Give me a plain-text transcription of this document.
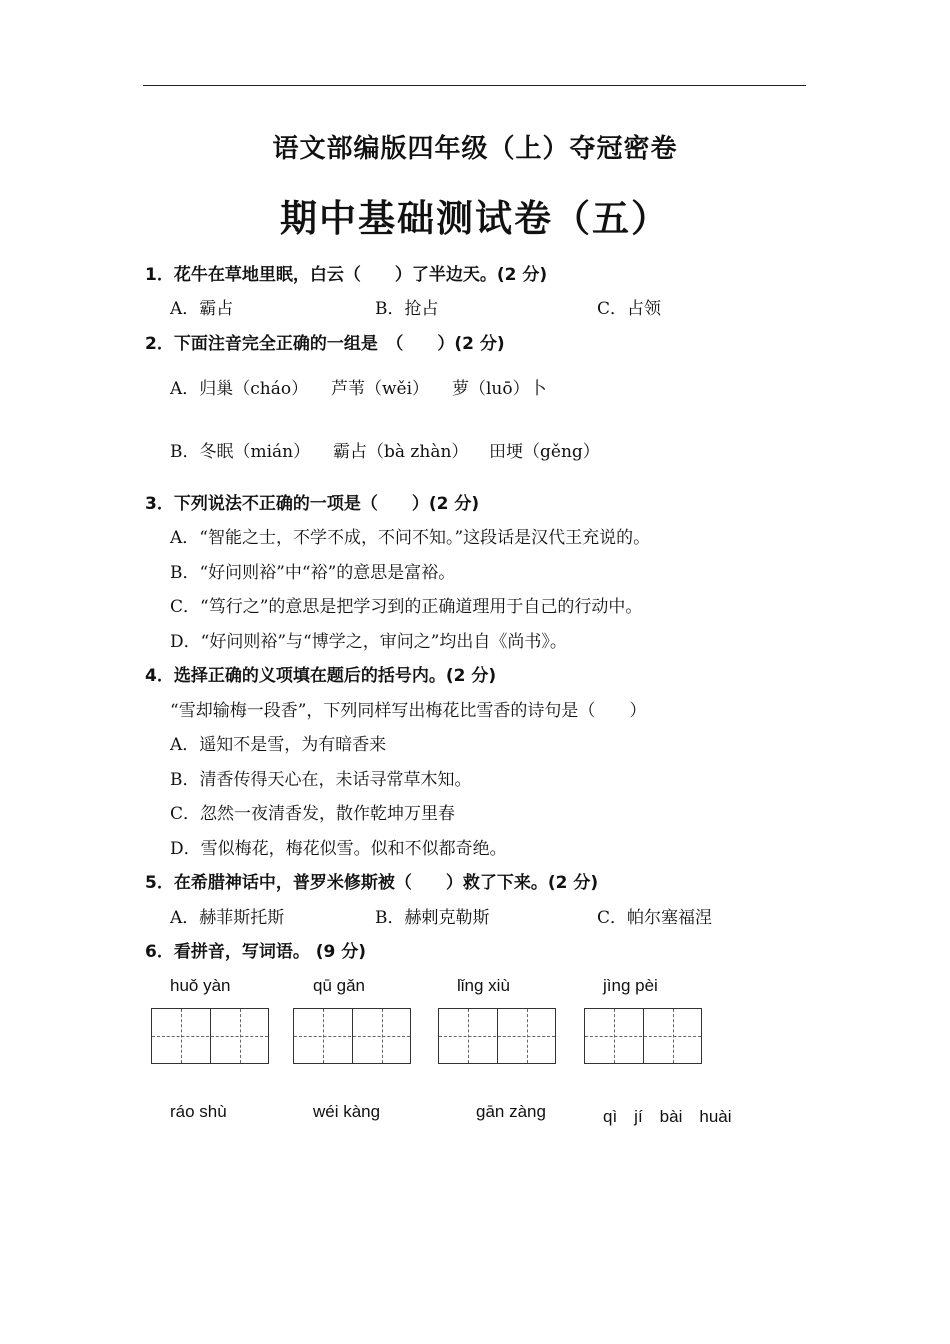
语文部编版四年级（上）夺冠密卷
期中基础测试卷（五）
1．花牛在草地里眠，白云（　　）了半边天。(2 分)
A．霸占	B．抢占	C．占领
2．下面注音完全正确的一组是　（　　）(2 分)
A．归巢（cháo） 芦苇（wěi） 萝（luō）卜
B．冬眠（mián） 霸占（bà zhàn） 田埂（gěng）
3．下列说法不正确的一项是（　　）(2 分)
A．“智能之士，不学不成，不问不知。”这段话是汉代王充说的。
B．“好问则裕”中“裕”的意思是富裕。
C．“笃行之”的意思是把学习到的正确道理用于自己的行动中。
D．“好问则裕”与“博学之，审问之”均出自《尚书》。
4．选择正确的义项填在题后的括号内。(2 分)
“雪却输梅一段香”，下列同样写出梅花比雪香的诗句是（　　）
A．遥知不是雪，为有暗香来
B．清香传得天心在，未话寻常草木知。
C．忽然一夜清香发，散作乾坤万里春
D．雪似梅花，梅花似雪。似和不似都奇绝。
5．在希腊神话中，普罗米修斯被（　　）救了下来。(2 分)
A．赫菲斯托斯	B．赫剌克勒斯	C．帕尔塞福涅
6．看拼音，写词语。 (9 分)
huǒ yàn	qū gǎn	lǐng xiù	jìng pèi
ráo shù	wéi kàng	gān zàng	qì　jí　bài　huài
